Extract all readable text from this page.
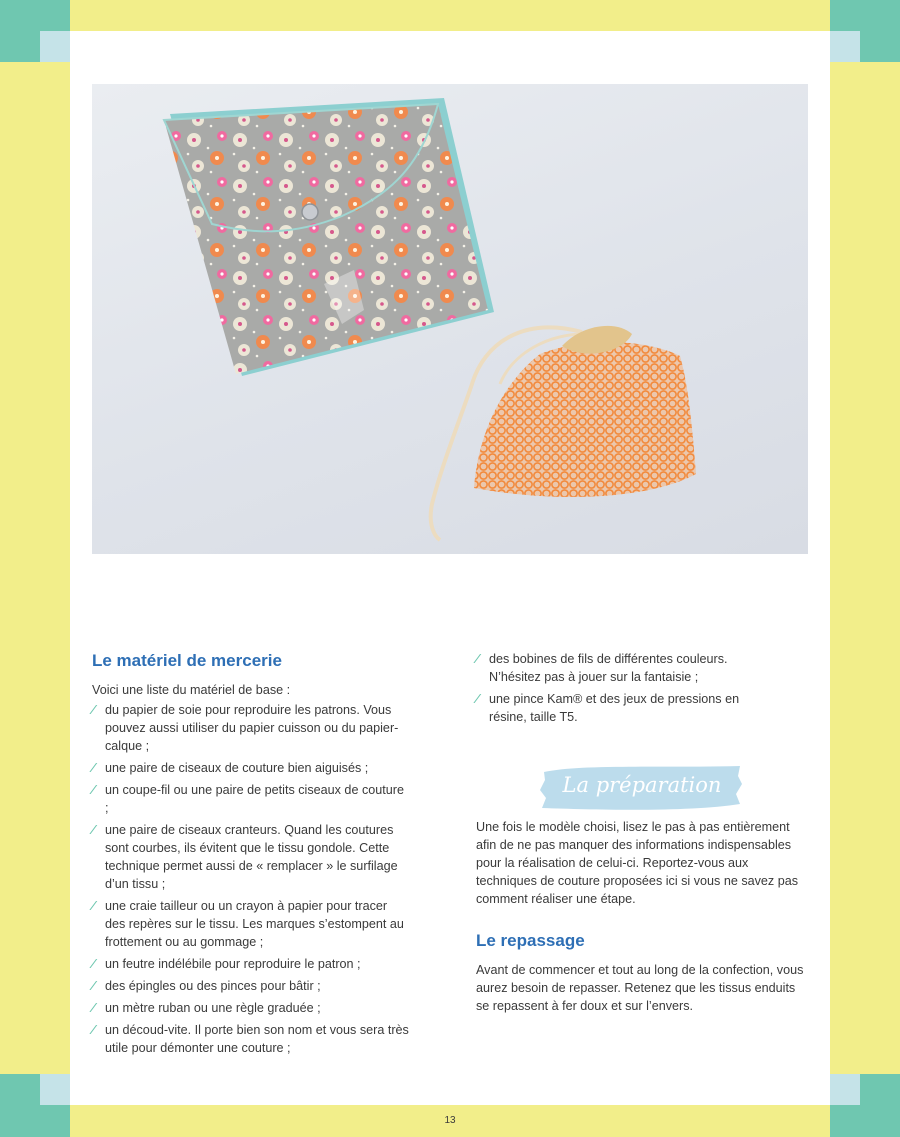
Le matériel de mercerie

Voici une liste du matériel de base :

⁄ du papier de soie pour reproduire les patrons. Vous pouvez aussi utiliser du papier cuisson ou du papier-calque ;
⁄ une paire de ciseaux de couture bien aiguisés ;
⁄ un coupe-fil ou une paire de petits ciseaux de couture ;
⁄ une paire de ciseaux cranteurs. Quand les coutures sont courbes, ils évitent que le tissu gondole. Cette technique permet aussi de « remplacer » le surfilage d’un tissu ;
⁄ une craie tailleur ou un crayon à papier pour tracer des repères sur le tissu. Les marques s’estompent au frottement ou au gommage ;
⁄ un feutre indélébile pour reproduire le patron ;
⁄ des épingles ou des pinces pour bâtir ;
⁄ un mètre ruban ou une règle graduée ;
⁄ un découd-vite. Il porte bien son nom et vous sera très utile pour démonter une couture ;
⁄ des bobines de fils de différentes couleurs. N’hésitez pas à jouer sur la fantaisie ;
⁄ une pince Kam® et des jeux de pressions en résine, taille T5.
La préparation

Une fois le modèle choisi, lisez le pas à pas entièrement afin de ne pas manquer des informations indispensables pour la réalisation de celui-ci. Reportez-vous aux techniques de couture proposées ici si vous ne savez pas comment réaliser une étape.

Le repassage

Avant de commencer et tout au long de la confection, vous aurez besoin de repasser. Retenez que les tissus enduits se repassent à fer doux et sur l’envers.

13
